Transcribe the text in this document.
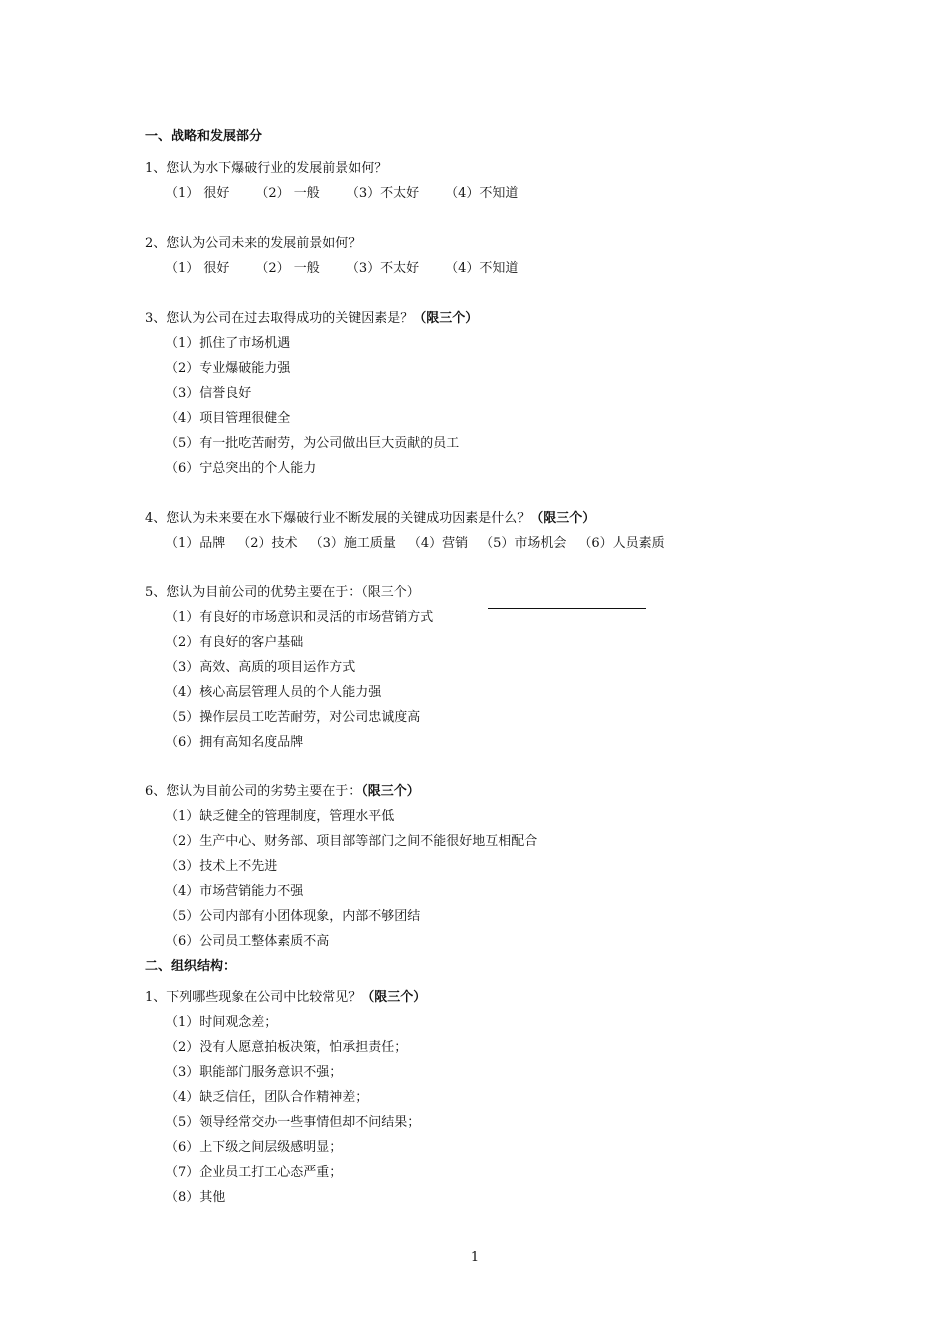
一、战略和发展部分
1、您认为水下爆破行业的发展前景如何？
（1） 很好 （2） 一般 （3）不太好 （4）不知道
2、您认为公司未来的发展前景如何？
（1） 很好 （2） 一般 （3）不太好 （4）不知道
3、您认为公司在过去取得成功的关键因素是？（限三个）
（1）抓住了市场机遇
（2）专业爆破能力强
（3）信誉良好
（4）项目管理很健全
（5）有一批吃苦耐劳，为公司做出巨大贡献的员工
（6）宁总突出的个人能力
4、您认为未来要在水下爆破行业不断发展的关键成功因素是什么？（限三个）
（1）品牌 （2）技术 （3）施工质量 （4）营销 （5）市场机会 （6）人员素质
5、您认为目前公司的优势主要在于：（限三个）
（1）有良好的市场意识和灵活的市场营销方式
（2）有良好的客户基础
（3）高效、高质的项目运作方式
（4）核心高层管理人员的个人能力强
（5）操作层员工吃苦耐劳，对公司忠诚度高
（6）拥有高知名度品牌
6、您认为目前公司的劣势主要在于：（限三个）
（1）缺乏健全的管理制度，管理水平低
（2）生产中心、财务部、项目部等部门之间不能很好地互相配合
（3）技术上不先进
（4）市场营销能力不强
（5）公司内部有小团体现象，内部不够团结
（6）公司员工整体素质不高
二、组织结构：
1、下列哪些现象在公司中比较常见？（限三个）
（1）时间观念差；
（2）没有人愿意拍板决策，怕承担责任；
（3）职能部门服务意识不强；
（4）缺乏信任，团队合作精神差；
（5）领导经常交办一些事情但却不问结果；
（6）上下级之间层级感明显；
（7）企业员工打工心态严重；
（8）其他
1
